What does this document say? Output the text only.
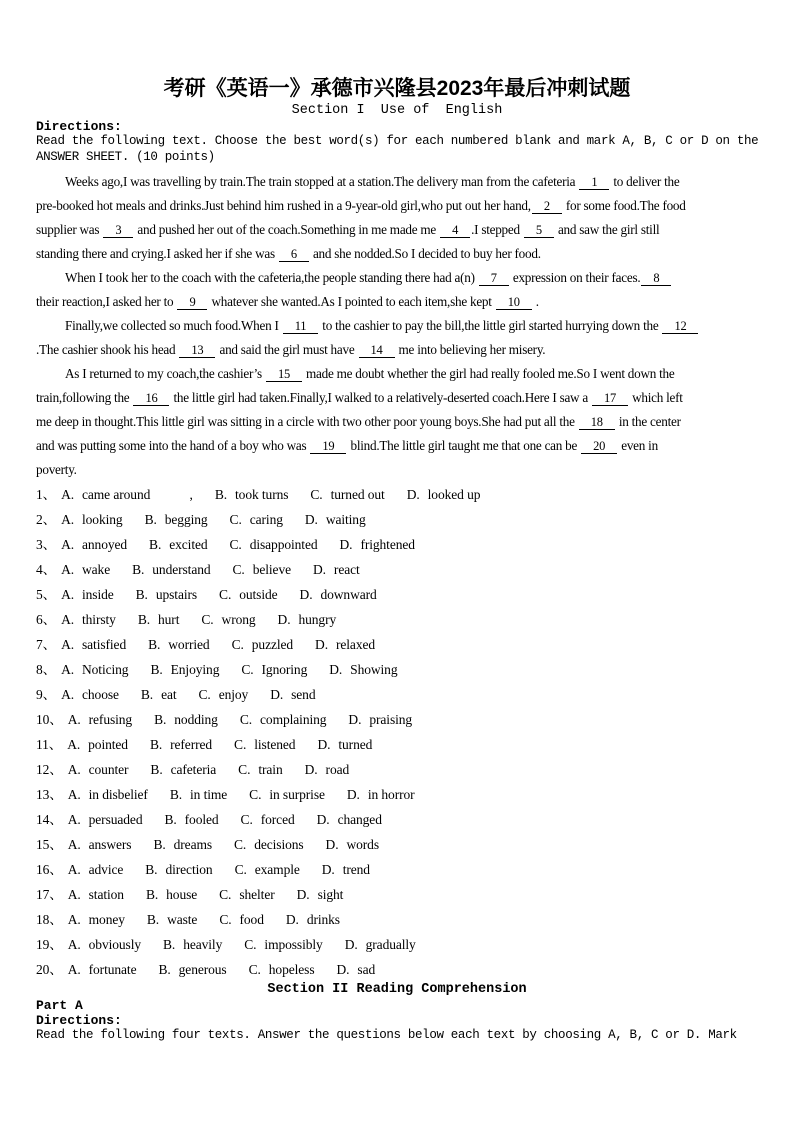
考研《英语一》承德市兴隆县2023年最后冲刺试题
Section I  Use of  English
Directions:
Read the following text. Choose the best word(s) for each numbered blank and mark A, B, C or D on the
ANSWER SHEET. (10 points)
Weeks ago,I was travelling by train.The train stopped at a station.The delivery man from the cafeteria 1 to deliver the
pre-booked hot meals and drinks.Just behind him rushed in a 9-year-old girl,who put out her hand, 2 for some food.The food
supplier was 3 and pushed her out of the coach.Something in me made me 4 .I stepped 5 and saw the girl still
standing there and crying.I asked her if she was 6 and she nodded.So I decided to buy her food.
When I took her to the coach with the cafeteria,the people standing there had a(n) 7 expression on their faces. 8
their reaction,I asked her to 9 whatever she wanted.As I pointed to each item,she kept 10 .
Finally,we collected so much food.When I 11 to the cashier to pay the bill,the little girl started hurrying down the 12
.The cashier shook his head 13 and said the girl must have 14 me into believing her misery.
As I returned to my coach,the cashier’s 15 made me doubt whether the girl had really fooled me.So I went down the
train,following the 16 the little girl had taken.Finally,I walked to a relatively-deserted coach.Here I saw a 17 which left
me deep in thought.This little girl was sitting in a circle with two other poor young boys.She had put all the 18 in the center
and was putting some into the hand of a boy who was 19 blind.The little girl taught me that one can be 20 even in
poverty.
1、 A. came around            , B. took turns C. turned out D. looked up
2、 A. looking B. begging C. caring D. waiting
3、 A. annoyed B. excited C. disappointed D. frightened
4、 A. wake B. understand C. believe D. react
5、 A. inside B. upstairs C. outside D. downward
6、 A. thirsty B. hurt C. wrong D. hungry
7、 A. satisfied B. worried C. puzzled D. relaxed
8、 A. Noticing B. Enjoying C. Ignoring D. Showing
9、 A. choose B. eat C. enjoy D. send
10、 A. refusing B. nodding C. complaining D. praising
11、 A. pointed B. referred C. listened D. turned
12、 A. counter B. cafeteria C. train D. road
13、 A. in disbelief B. in time C. in surprise D. in horror
14、 A. persuaded B. fooled C. forced D. changed
15、 A. answers B. dreams C. decisions D. words
16、 A. advice B. direction C. example D. trend
17、 A. station B. house C. shelter D. sight
18、 A. money B. waste C. food D. drinks
19、 A. obviously B. heavily C. impossibly D. gradually
20、 A. fortunate B. generous C. hopeless D. sad
Section II Reading Comprehension
Part A
Directions:
Read the following four texts. Answer the questions below each text by choosing A, B, C or D. Mark
